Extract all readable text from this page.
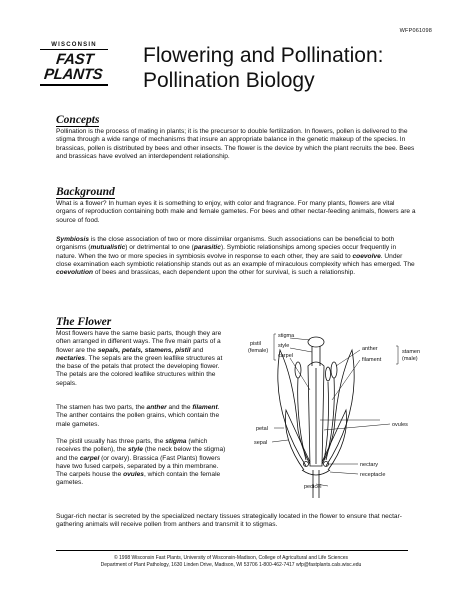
WFP061098
WISCONSIN
FAST PLANTS
Flowering and Pollination:
Pollination Biology
Concepts

Pollination is the process of mating in plants; it is the precursor to double fertilization. In flowers, pollen is delivered to the stigma through a wide range of mechanisms that insure an appropriate balance in the genetic makeup of the species. In brassicas, pollen is distributed by bees and other insects. The flower is the device by which the plant recruits the bee. Bees and brassicas have evolved an interdependent relationship.

Background

What is a flower? In human eyes it is something to enjoy, with color and fragrance. For many plants, flowers are vital organs of reproduction containing both male and female gametes. For bees and other nectar-feeding animals, flowers are a source of food.

Symbiosis is the close association of two or more dissimilar organisms. Such associations can be beneficial to both organisms (mutualistic) or detrimental to one (parasitic). Symbiotic relationships among species occur frequently in nature. When the two or more species in symbiosis evolve in response to each other, they are said to coevolve. Under close examination each symbiotic relationship stands out as an example of miraculous complexity which has emerged. The coevolution of bees and brassicas, each dependent upon the other for survival, is such a relationship.

The Flower

Most flowers have the same basic parts, though they are often arranged in different ways. The five main parts of a flower are the sepals, petals, stamens, pistil and nectaries. The sepals are the green leaflike structures at the base of the petals that protect the developing flower. The petals are the colored leaflike structures within the sepals.

The stamen has two parts, the anther and the filament. The anther contains the pollen grains, which contain the male gametes.

The pistil usually has three parts, the stigma (which receives the pollen), the style (the neck below the stigma) and the carpel (or ovary). Brassica (Fast Plants) flowers have two fused carpels, separated by a thin membrane. The carpels house the ovules, which contain the female gametes.

Sugar-rich nectar is secreted by the specialized nectary tissues strategically located in the flower to ensure that nectar-gathering animals will receive pollen from anthers and transmit it to stigmas.

pistil
(female)
stigma
style
carpel
anther
filament
stamen
(male)
petal
ovules
sepal
nectary
receptacle
pedicel
© 1998 Wisconsin Fast Plants, University of Wisconsin-Madison, College of Agricultural and Life Sciences
Department of Plant Pathology, 1630 Linden Drive, Madison, WI 53706 1-800-462-7417 wfp@fastplants.cals.wisc.edu
